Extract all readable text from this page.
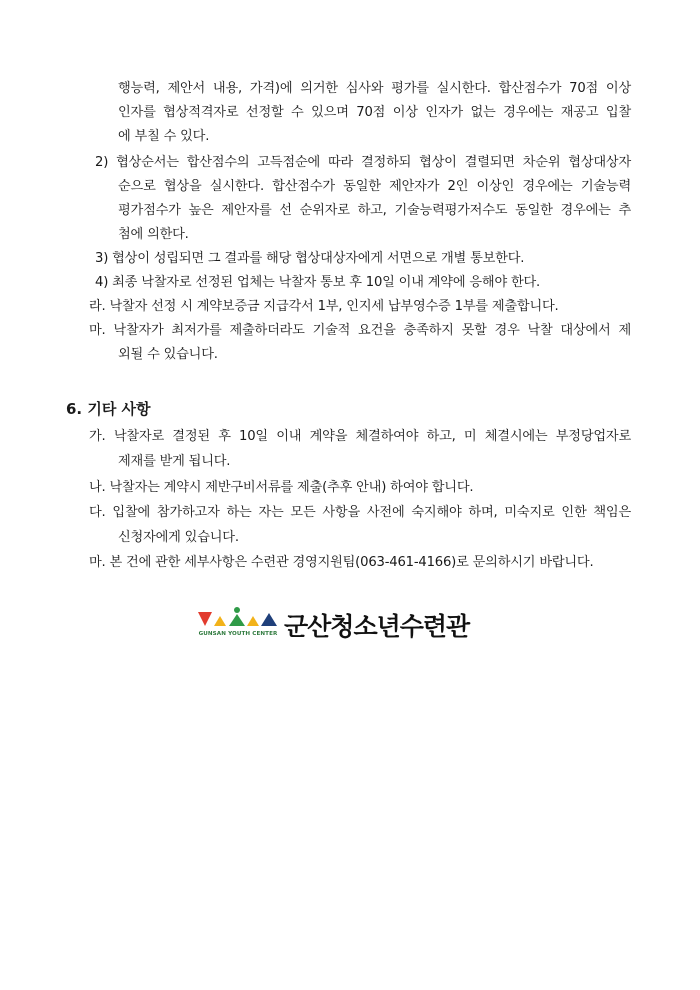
행능력, 제안서 내용, 가격)에 의거한 심사와 평가를 실시한다. 합산점수가 70점 이상
인자를 협상적격자로 선정할 수 있으며 70점 이상 인자가 없는 경우에는 재공고 입찰
에 부칠 수 있다.
2) 협상순서는 합산점수의 고득점순에 따라 결정하되 협상이 결렬되면 차순위 협상대상자
순으로 협상을 실시한다. 합산점수가 동일한 제안자가 2인 이상인 경우에는 기술능력
평가점수가 높은 제안자를 선 순위자로 하고, 기술능력평가저수도 동일한 경우에는 추
첨에 의한다.
3) 협상이 성립되면 그 결과를 해당 협상대상자에게 서면으로 개별 통보한다.
4) 최종 낙찰자로 선정된 업체는 낙찰자 통보 후 10일 이내 계약에 응해야 한다.
라. 낙찰자 선정 시 계약보증금 지급각서 1부, 인지세 납부영수증 1부를 제출합니다.
마. 낙찰자가 최저가를 제출하더라도 기술적 요건을 충족하지 못할 경우 낙찰 대상에서 제
외될 수 있습니다.
6. 기타 사항
가. 낙찰자로 결정된 후 10일 이내 계약을 체결하여야 하고, 미 체결시에는 부정당업자로
제재를 받게 됩니다.
나. 낙찰자는 계약시 제반구비서류를 제출(추후 안내) 하여야 합니다.
다. 입찰에 참가하고자 하는 자는 모든 사항을 사전에 숙지해야 하며, 미숙지로 인한 책임은
신청자에게 있습니다.
마. 본 건에 관한 세부사항은 수련관 경영지원팀(063-461-4166)로 문의하시기 바랍니다.
GUNSAN YOUTH CENTER 군산청소년수련관
